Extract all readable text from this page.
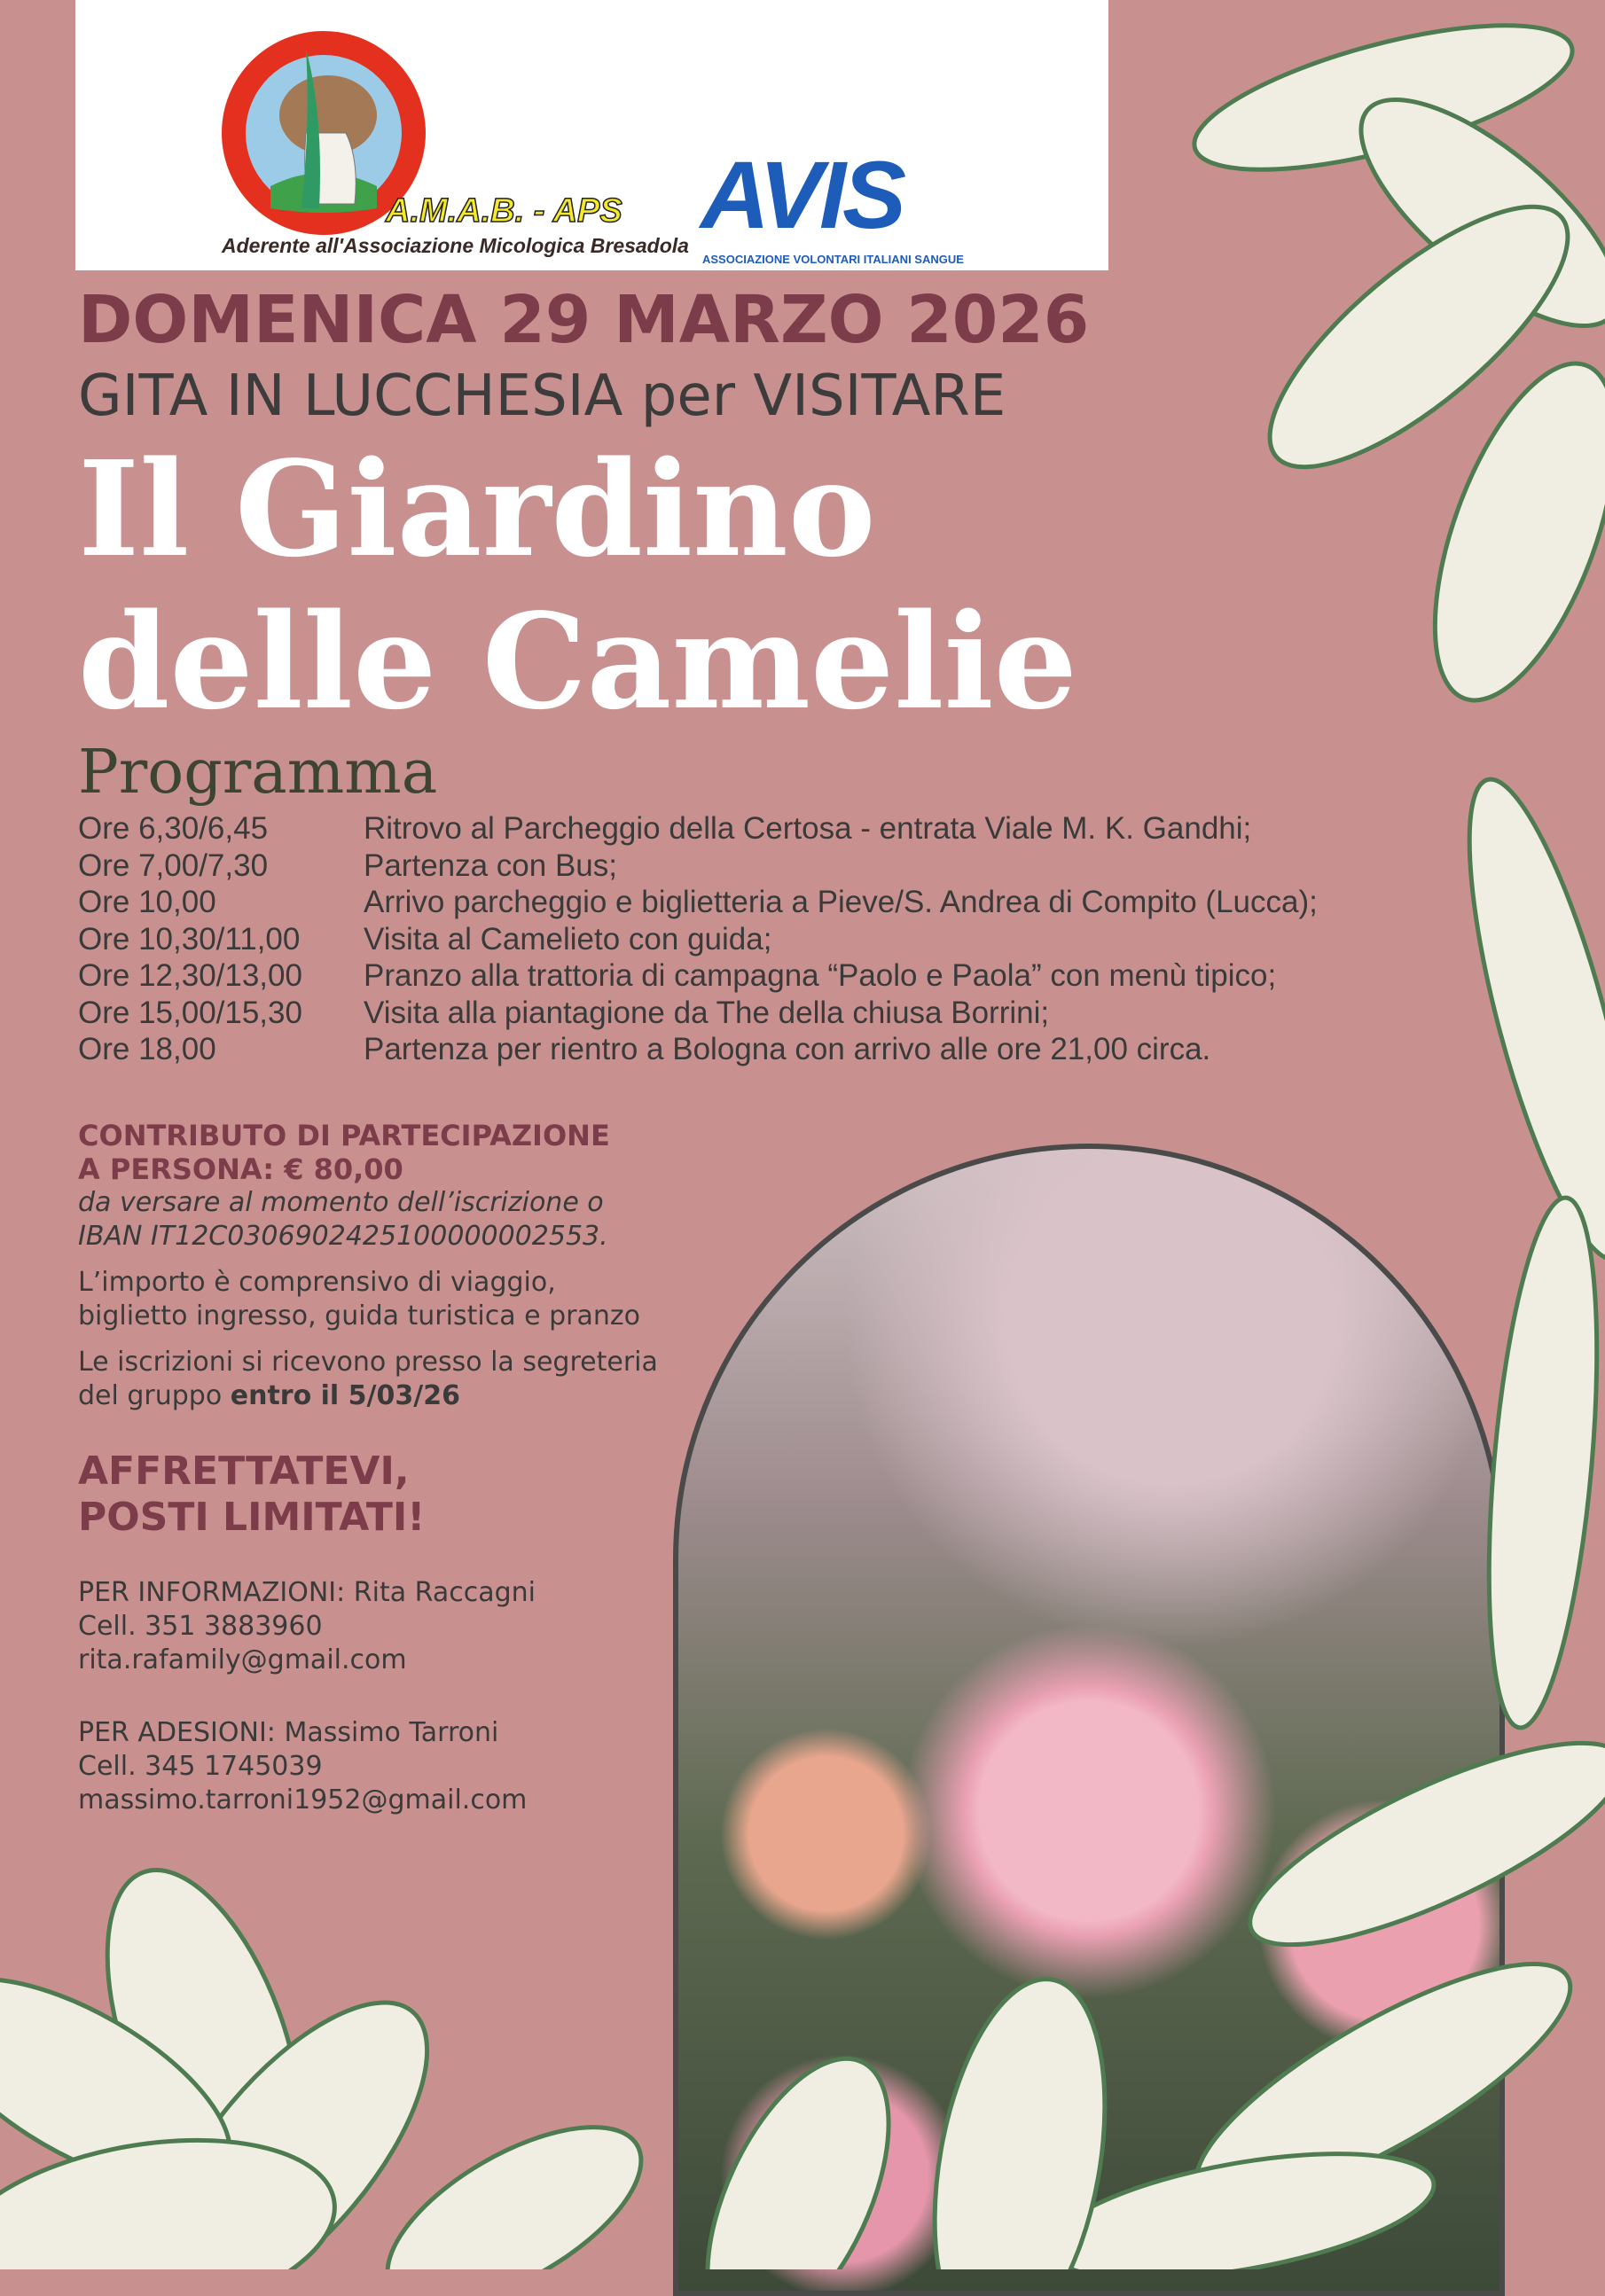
A.M.A.B. - APS
Aderente all'Associazione Micologica Bresadola AVIS
ASSOCIAZIONE VOLONTARI ITALIANI SANGUE
DOMENICA 29 MARZO 2026
GITA IN LUCCHESIA per VISITARE
Il Giardino
delle Camelie
Programma
Ore 6,30/6,45	Ritrovo al Parcheggio della Certosa - entrata Viale M. K. Gandhi;
Ore 7,00/7,30	Partenza con Bus;
Ore 10,00	Arrivo parcheggio e biglietteria a Pieve/S. Andrea di Compito (Lucca);
Ore 10,30/11,00	Visita al Camelieto con guida;
Ore 12,30/13,00	Pranzo alla trattoria di campagna “Paolo e Paola” con menù tipico;
Ore 15,00/15,30	Visita alla piantagione da The della chiusa Borrini;
Ore 18,00	Partenza per rientro a Bologna con arrivo alle ore 21,00 circa.
CONTRIBUTO DI PARTECIPAZIONE
A PERSONA: € 80,00

da versare al momento dell’iscrizione o
IBAN IT12C0306902425100000002553.

L’importo è comprensivo di viaggio,
biglietto ingresso, guida turistica e pranzo

Le iscrizioni si ricevono presso la segreteria
del gruppo entro il 5/03/26

AFFRETTATEVI,
POSTI LIMITATI!

PER INFORMAZIONI: Rita Raccagni
Cell. 351 3883960
rita.rafamily@gmail.com

PER ADESIONI: Massimo Tarroni
Cell. 345 1745039
massimo.tarroni1952@gmail.com
